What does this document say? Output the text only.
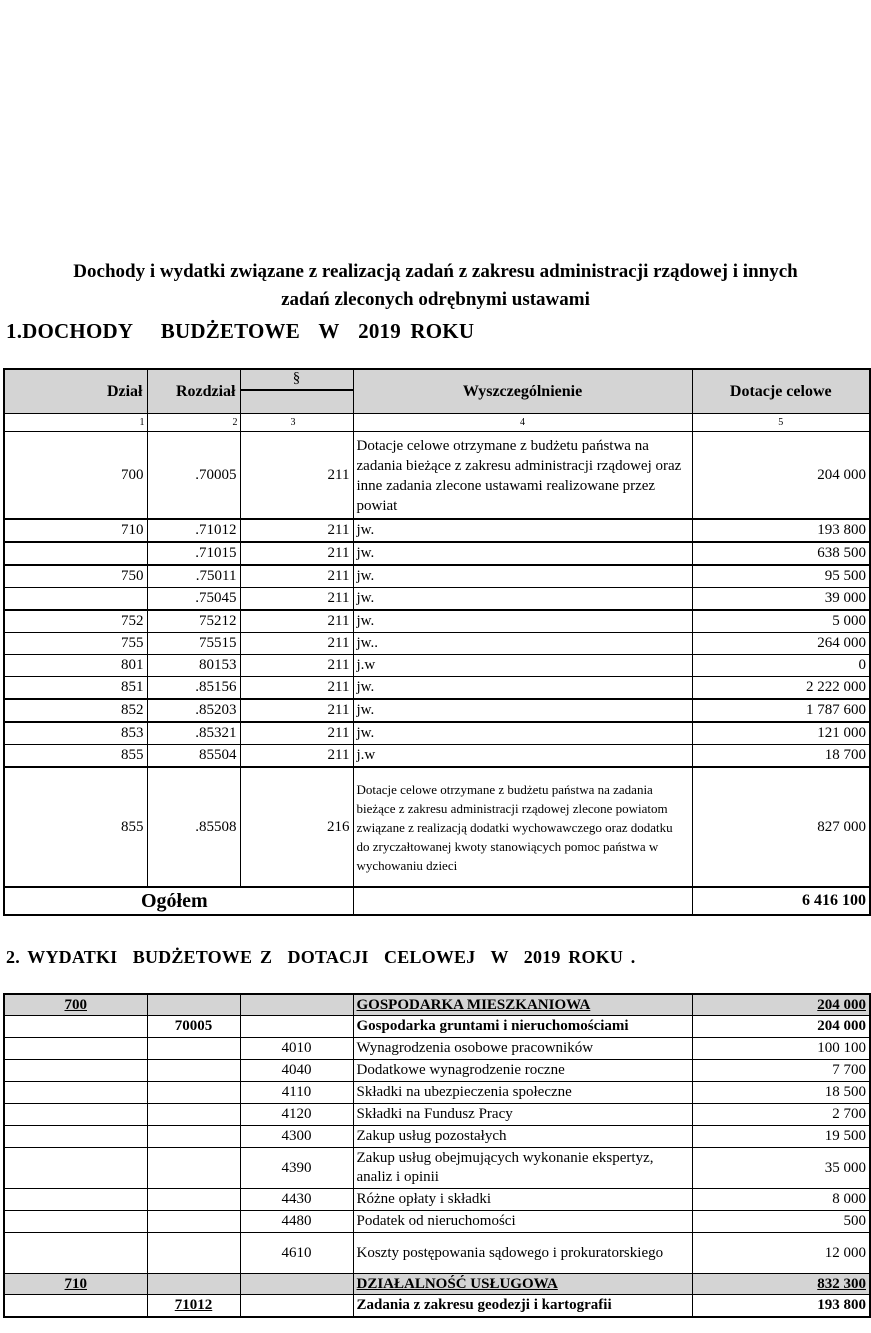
Dochody i wydatki związane z realizacją zadań z zakresu administracji rządowej i innych
zadań zleconych odrębnymi ustawami
1.DOCHODY   BUDŻETOWE  W  2019 ROKU
Dział	Rozdział	§	Wyszczególnienie	Dotacje celowe
1	2	3	4	5
700	.70005	211	Dotacje celowe otrzymane z budżetu państwa na zadania bieżące z zakresu administracji rządowej oraz inne zadania zlecone ustawami realizowane przez powiat	204 000
710	.71012	211	jw.	193 800
	.71015	211	jw.	638 500
750	.75011	211	jw.	95 500
	.75045	211	jw.	39 000
752	75212	211	jw.	5 000
755	75515	211	jw..	264 000
801	80153	211	j.w	0
851	.85156	211	jw.	2 222 000
852	.85203	211	jw.	1 787 600
853	.85321	211	jw.	121 000
855	85504	211	j.w	18 700
855	.85508	216	Dotacje celowe otrzymane z budżetu państwa na zadania bieżące z zakresu administracji rządowej zlecone powiatom związane z realizacją dodatki wychowawczego oraz dodatku do zryczałtowanej kwoty stanowiących pomoc państwa w wychowaniu dzieci	827 000
Ogółem				6 416 100
2. WYDATKI  BUDŻETOWE Z  DOTACJI  CELOWEJ  W  2019 ROKU .
700			GOSPODARKA MIESZKANIOWA	204 000
	70005		Gospodarka gruntami i nieruchomościami	204 000
		4010	Wynagrodzenia osobowe pracowników	100 100
		4040	Dodatkowe wynagrodzenie roczne	7 700
		4110	Składki na ubezpieczenia społeczne	18 500
		4120	Składki na Fundusz Pracy	2 700
		4300	Zakup usług pozostałych	19 500
		4390	Zakup usług obejmujących wykonanie ekspertyz, analiz i opinii	35 000
		4430	Różne opłaty i składki	8 000
		4480	Podatek od nieruchomości	500
		4610	Koszty postępowania sądowego i prokuratorskiego	12 000
710			DZIAŁALNOŚĆ USŁUGOWA	832 300
	71012		Zadania z zakresu geodezji i kartografii	193 800
